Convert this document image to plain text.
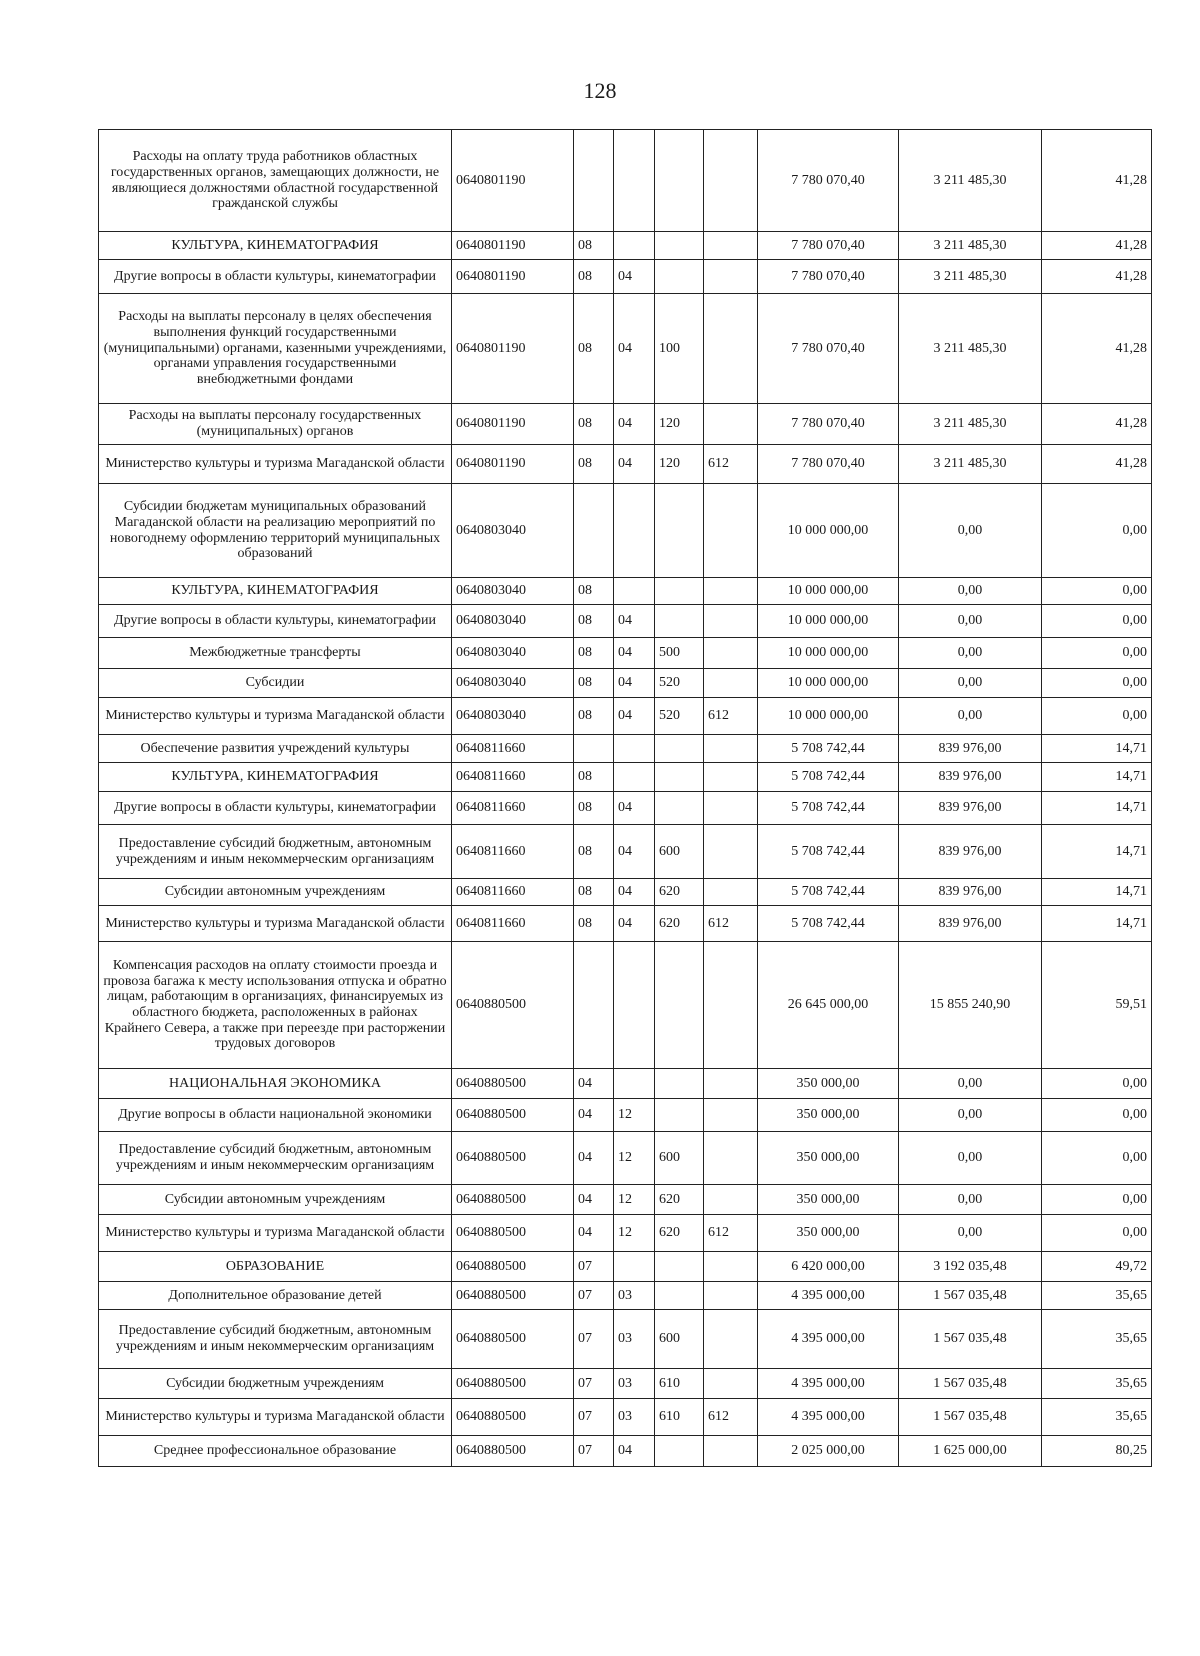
128
Расходы на оплату труда работников областных государственных органов, замещающих должности, не являющиеся должностями областной государственной гражданской службы	0640801190					7 780 070,40	3 211 485,30	41,28
КУЛЬТУРА, КИНЕМАТОГРАФИЯ	0640801190	08				7 780 070,40	3 211 485,30	41,28
Другие вопросы в области культуры, кинематографии	0640801190	08	04			7 780 070,40	3 211 485,30	41,28
Расходы на выплаты персоналу в целях обеспечения выполнения функций государственными (муниципальными) органами, казенными учреждениями, органами управления государственными внебюджетными фондами	0640801190	08	04	100		7 780 070,40	3 211 485,30	41,28
Расходы на выплаты персоналу государственных (муниципальных) органов	0640801190	08	04	120		7 780 070,40	3 211 485,30	41,28
Министерство культуры и туризма Магаданской области	0640801190	08	04	120	612	7 780 070,40	3 211 485,30	41,28
Субсидии бюджетам муниципальных образований Магаданской области на реализацию мероприятий по новогоднему оформлению территорий муниципальных образований	0640803040					10 000 000,00	0,00	0,00
КУЛЬТУРА, КИНЕМАТОГРАФИЯ	0640803040	08				10 000 000,00	0,00	0,00
Другие вопросы в области культуры, кинематографии	0640803040	08	04			10 000 000,00	0,00	0,00
Межбюджетные трансферты	0640803040	08	04	500		10 000 000,00	0,00	0,00
Субсидии	0640803040	08	04	520		10 000 000,00	0,00	0,00
Министерство культуры и туризма Магаданской области	0640803040	08	04	520	612	10 000 000,00	0,00	0,00
Обеспечение развития учреждений культуры	0640811660					5 708 742,44	839 976,00	14,71
КУЛЬТУРА, КИНЕМАТОГРАФИЯ	0640811660	08				5 708 742,44	839 976,00	14,71
Другие вопросы в области культуры, кинематографии	0640811660	08	04			5 708 742,44	839 976,00	14,71
Предоставление субсидий бюджетным, автономным учреждениям и иным некоммерческим организациям	0640811660	08	04	600		5 708 742,44	839 976,00	14,71
Субсидии автономным учреждениям	0640811660	08	04	620		5 708 742,44	839 976,00	14,71
Министерство культуры и туризма Магаданской области	0640811660	08	04	620	612	5 708 742,44	839 976,00	14,71
Компенсация расходов на оплату стоимости проезда и провоза багажа к месту использования отпуска и обратно лицам, работающим в организациях, финансируемых из областного бюджета, расположенных в районах Крайнего Севера, а также при переезде при расторжении трудовых договоров	0640880500					26 645 000,00	15 855 240,90	59,51
НАЦИОНАЛЬНАЯ ЭКОНОМИКА	0640880500	04				350 000,00	0,00	0,00
Другие вопросы в области национальной экономики	0640880500	04	12			350 000,00	0,00	0,00
Предоставление субсидий бюджетным, автономным учреждениям и иным некоммерческим организациям	0640880500	04	12	600		350 000,00	0,00	0,00
Субсидии автономным учреждениям	0640880500	04	12	620		350 000,00	0,00	0,00
Министерство культуры и туризма Магаданской области	0640880500	04	12	620	612	350 000,00	0,00	0,00
ОБРАЗОВАНИЕ	0640880500	07				6 420 000,00	3 192 035,48	49,72
Дополнительное образование детей	0640880500	07	03			4 395 000,00	1 567 035,48	35,65
Предоставление субсидий бюджетным, автономным учреждениям и иным некоммерческим организациям	0640880500	07	03	600		4 395 000,00	1 567 035,48	35,65
Субсидии бюджетным учреждениям	0640880500	07	03	610		4 395 000,00	1 567 035,48	35,65
Министерство культуры и туризма Магаданской области	0640880500	07	03	610	612	4 395 000,00	1 567 035,48	35,65
Среднее профессиональное образование	0640880500	07	04			2 025 000,00	1 625 000,00	80,25
